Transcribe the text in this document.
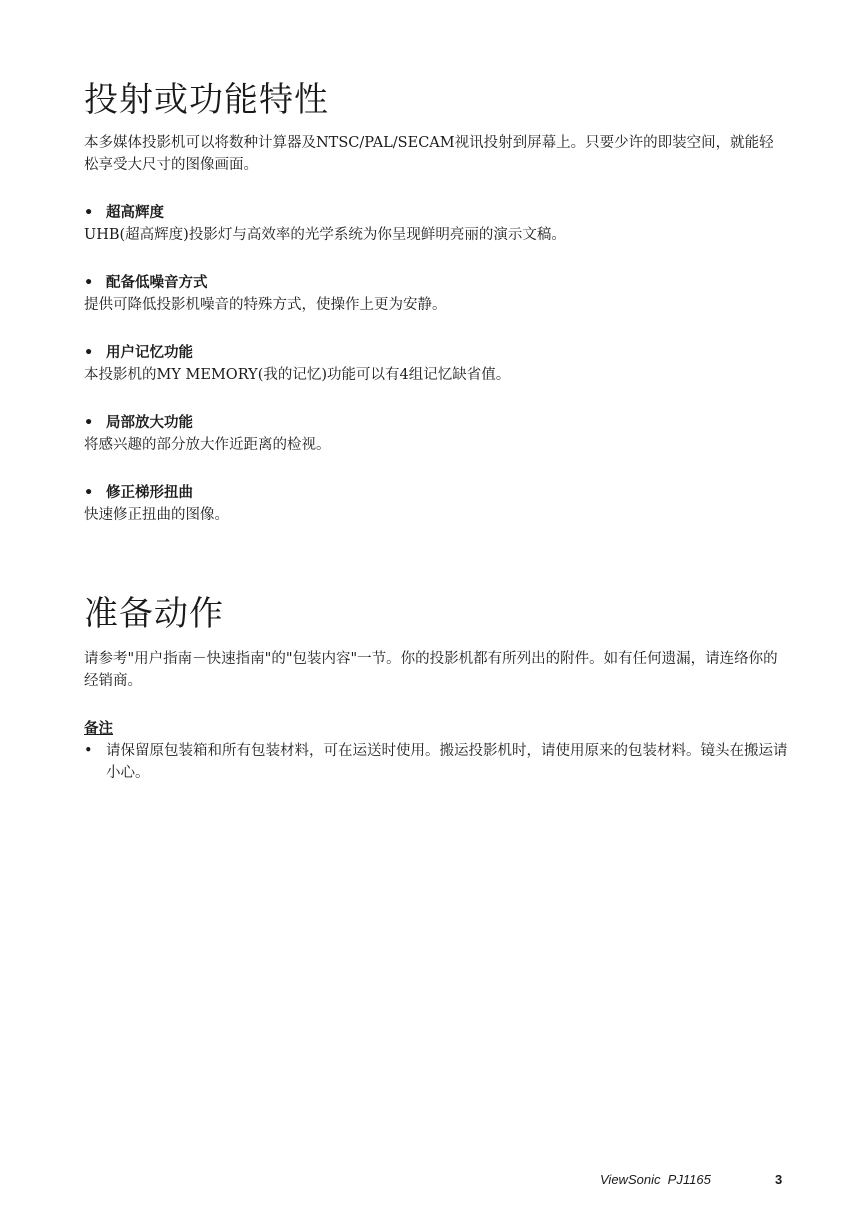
投射或功能特性

本多媒体投影机可以将数种计算器及NTSC/PAL/SECAM视讯投射到屏幕上。只要少许的即装空间，就能轻松享受大尺寸的图像画面。

• 超高辉度

UHB(超高辉度)投影灯与高效率的光学系统为你呈现鲜明亮丽的演示文稿。

• 配备低噪音方式

提供可降低投影机噪音的特殊方式，使操作上更为安静。

• 用户记忆功能

本投影机的MY MEMORY(我的记忆)功能可以有4组记忆缺省值。

• 局部放大功能

将感兴趣的部分放大作近距离的检视。

• 修正梯形扭曲

快速修正扭曲的图像。

准备动作

请参考"用户指南－快速指南"的"包装内容"一节。你的投影机都有所列出的附件。如有任何遗漏，请连络你的经销商。

备注

• 请保留原包装箱和所有包装材料，可在运送时使用。搬运投影机时，请使用原来的包装材料。镜头在搬运请小心。
ViewSonic  PJ1165	3
